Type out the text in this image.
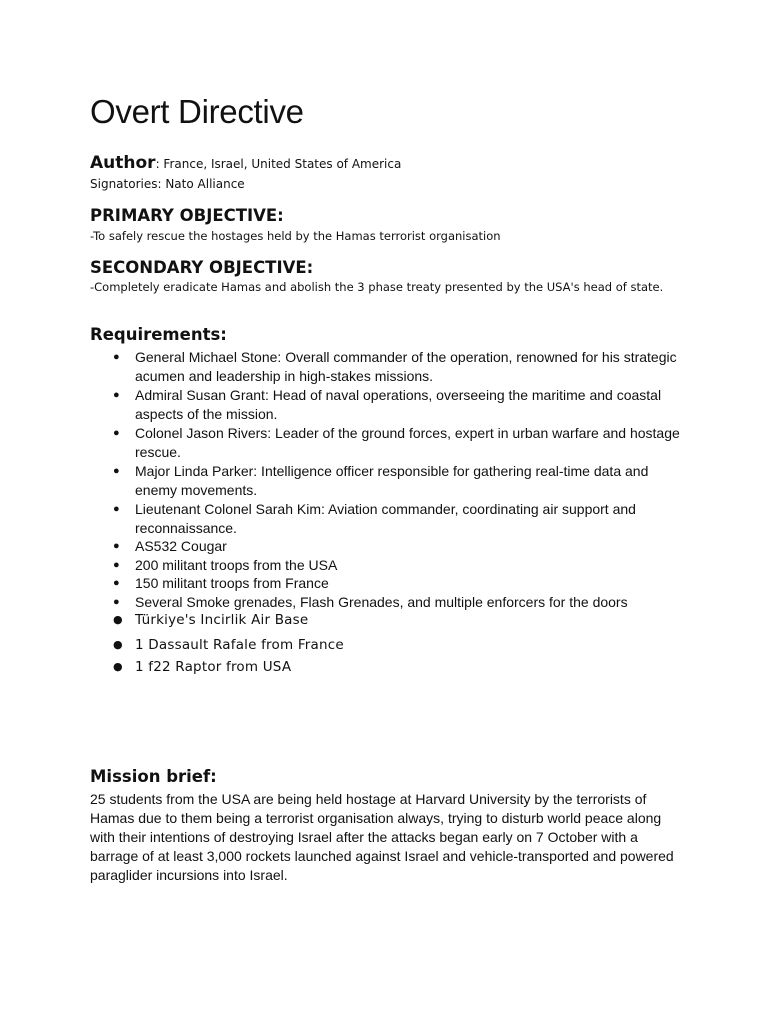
Overt Directive
Author: France, Israel, United States of America
Signatories: Nato Alliance
PRIMARY OBJECTIVE:

-To safely rescue the hostages held by the Hamas terrorist organisation

SECONDARY OBJECTIVE:

-Completely eradicate Hamas and abolish the 3 phase treaty presented by the USA's head of state.

Requirements:
● General Michael Stone: Overall commander of the operation, renowned for his strategic acumen and leadership in high-stakes missions.
● Admiral Susan Grant: Head of naval operations, overseeing the maritime and coastal aspects of the mission.
● Colonel Jason Rivers: Leader of the ground forces, expert in urban warfare and hostage rescue.
● Major Linda Parker: Intelligence officer responsible for gathering real-time data and enemy movements.
● Lieutenant Colonel Sarah Kim: Aviation commander, coordinating air support and reconnaissance.
● AS532 Cougar
● 200 militant troops from the USA
● 150 militant troops from France
● Several Smoke grenades, Flash Grenades, and multiple enforcers for the doors
● Türkiye's Incirlik Air Base
● 1 Dassault Rafale from France
● 1 f22 Raptor from USA
Mission brief:

25 students from the USA are being held hostage at Harvard University by the terrorists of Hamas due to them being a terrorist organisation always, trying to disturb world peace along with their intentions of destroying Israel after the attacks began early on 7 October with a barrage of at least 3,000 rockets launched against Israel and vehicle-transported and powered paraglider incursions into Israel.
